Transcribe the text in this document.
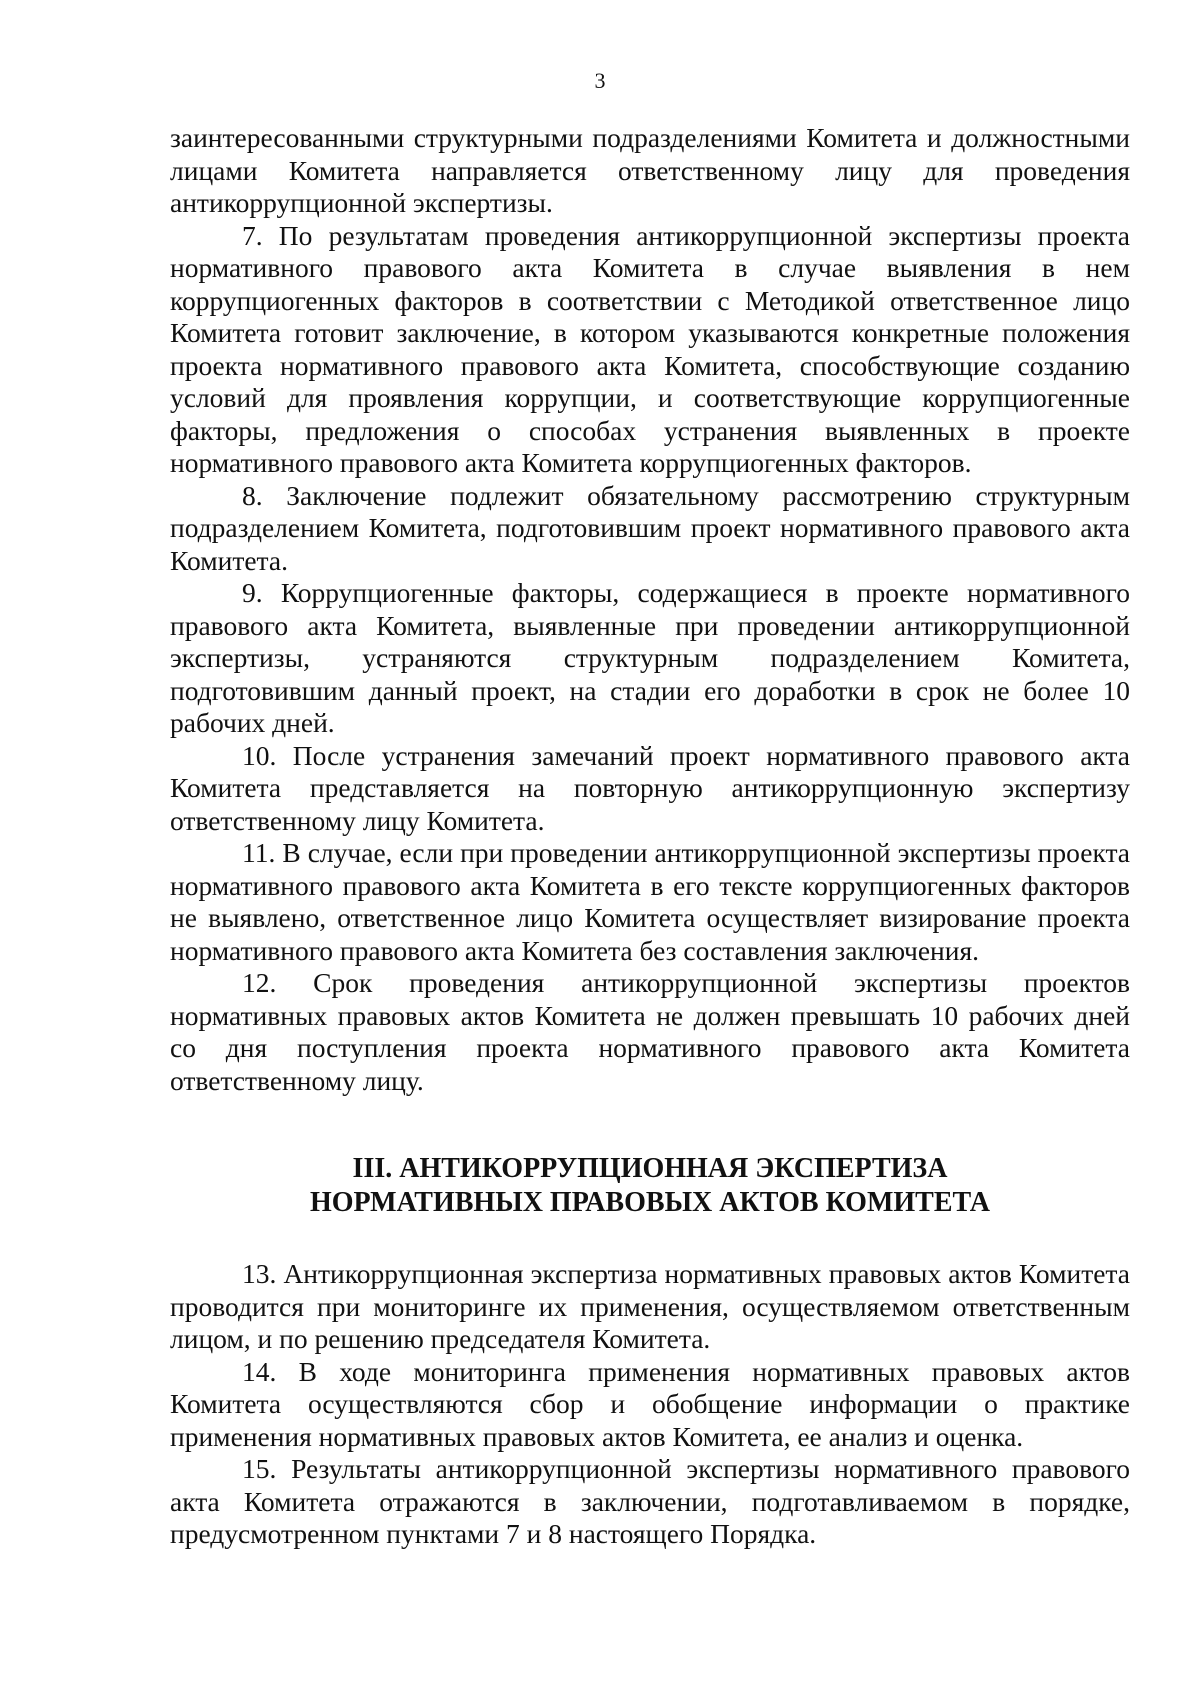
3

заинтересованными структурными подразделениями Комитета и должностными лицами Комитета направляется ответственному лицу для проведения антикоррупционной экспертизы.

7. По результатам проведения антикоррупционной экспертизы проекта нормативного правового акта Комитета в случае выявления в нем коррупциогенных факторов в соответствии с Методикой ответственное лицо Комитета готовит заключение, в котором указываются конкретные положения проекта нормативного правового акта Комитета, способствующие созданию условий для проявления коррупции, и соответствующие коррупциогенные факторы, предложения о способах устранения выявленных в проекте нормативного правового акта Комитета коррупциогенных факторов.

8. Заключение подлежит обязательному рассмотрению структурным подразделением Комитета, подготовившим проект нормативного правового акта Комитета.

9. Коррупциогенные факторы, содержащиеся в проекте нормативного правового акта Комитета, выявленные при проведении антикоррупционной экспертизы, устраняются структурным подразделением Комитета, подготовившим данный проект, на стадии его доработки в срок не более 10 рабочих дней.

10. После устранения замечаний проект нормативного правового акта Комитета представляется на повторную антикоррупционную экспертизу ответственному лицу Комитета.

11. В случае, если при проведении антикоррупционной экспертизы проекта нормативного правового акта Комитета в его тексте коррупциогенных факторов не выявлено, ответственное лицо Комитета осуществляет визирование проекта нормативного правового акта Комитета без составления заключения.

12. Срок проведения антикоррупционной экспертизы проектов нормативных правовых актов Комитета не должен превышать 10 рабочих дней со дня поступления проекта нормативного правового акта Комитета ответственному лицу.

III. АНТИКОРРУПЦИОННАЯ ЭКСПЕРТИЗА
НОРМАТИВНЫХ ПРАВОВЫХ АКТОВ КОМИТЕТА

13. Антикоррупционная экспертиза нормативных правовых актов Комитета проводится при мониторинге их применения, осуществляемом ответственным лицом, и по решению председателя Комитета.

14. В ходе мониторинга применения нормативных правовых актов Комитета осуществляются сбор и обобщение информации о практике применения нормативных правовых актов Комитета, ее анализ и оценка.

15. Результаты антикоррупционной экспертизы нормативного правового акта Комитета отражаются в заключении, подготавливаемом в порядке, предусмотренном пунктами 7 и 8 настоящего Порядка.
